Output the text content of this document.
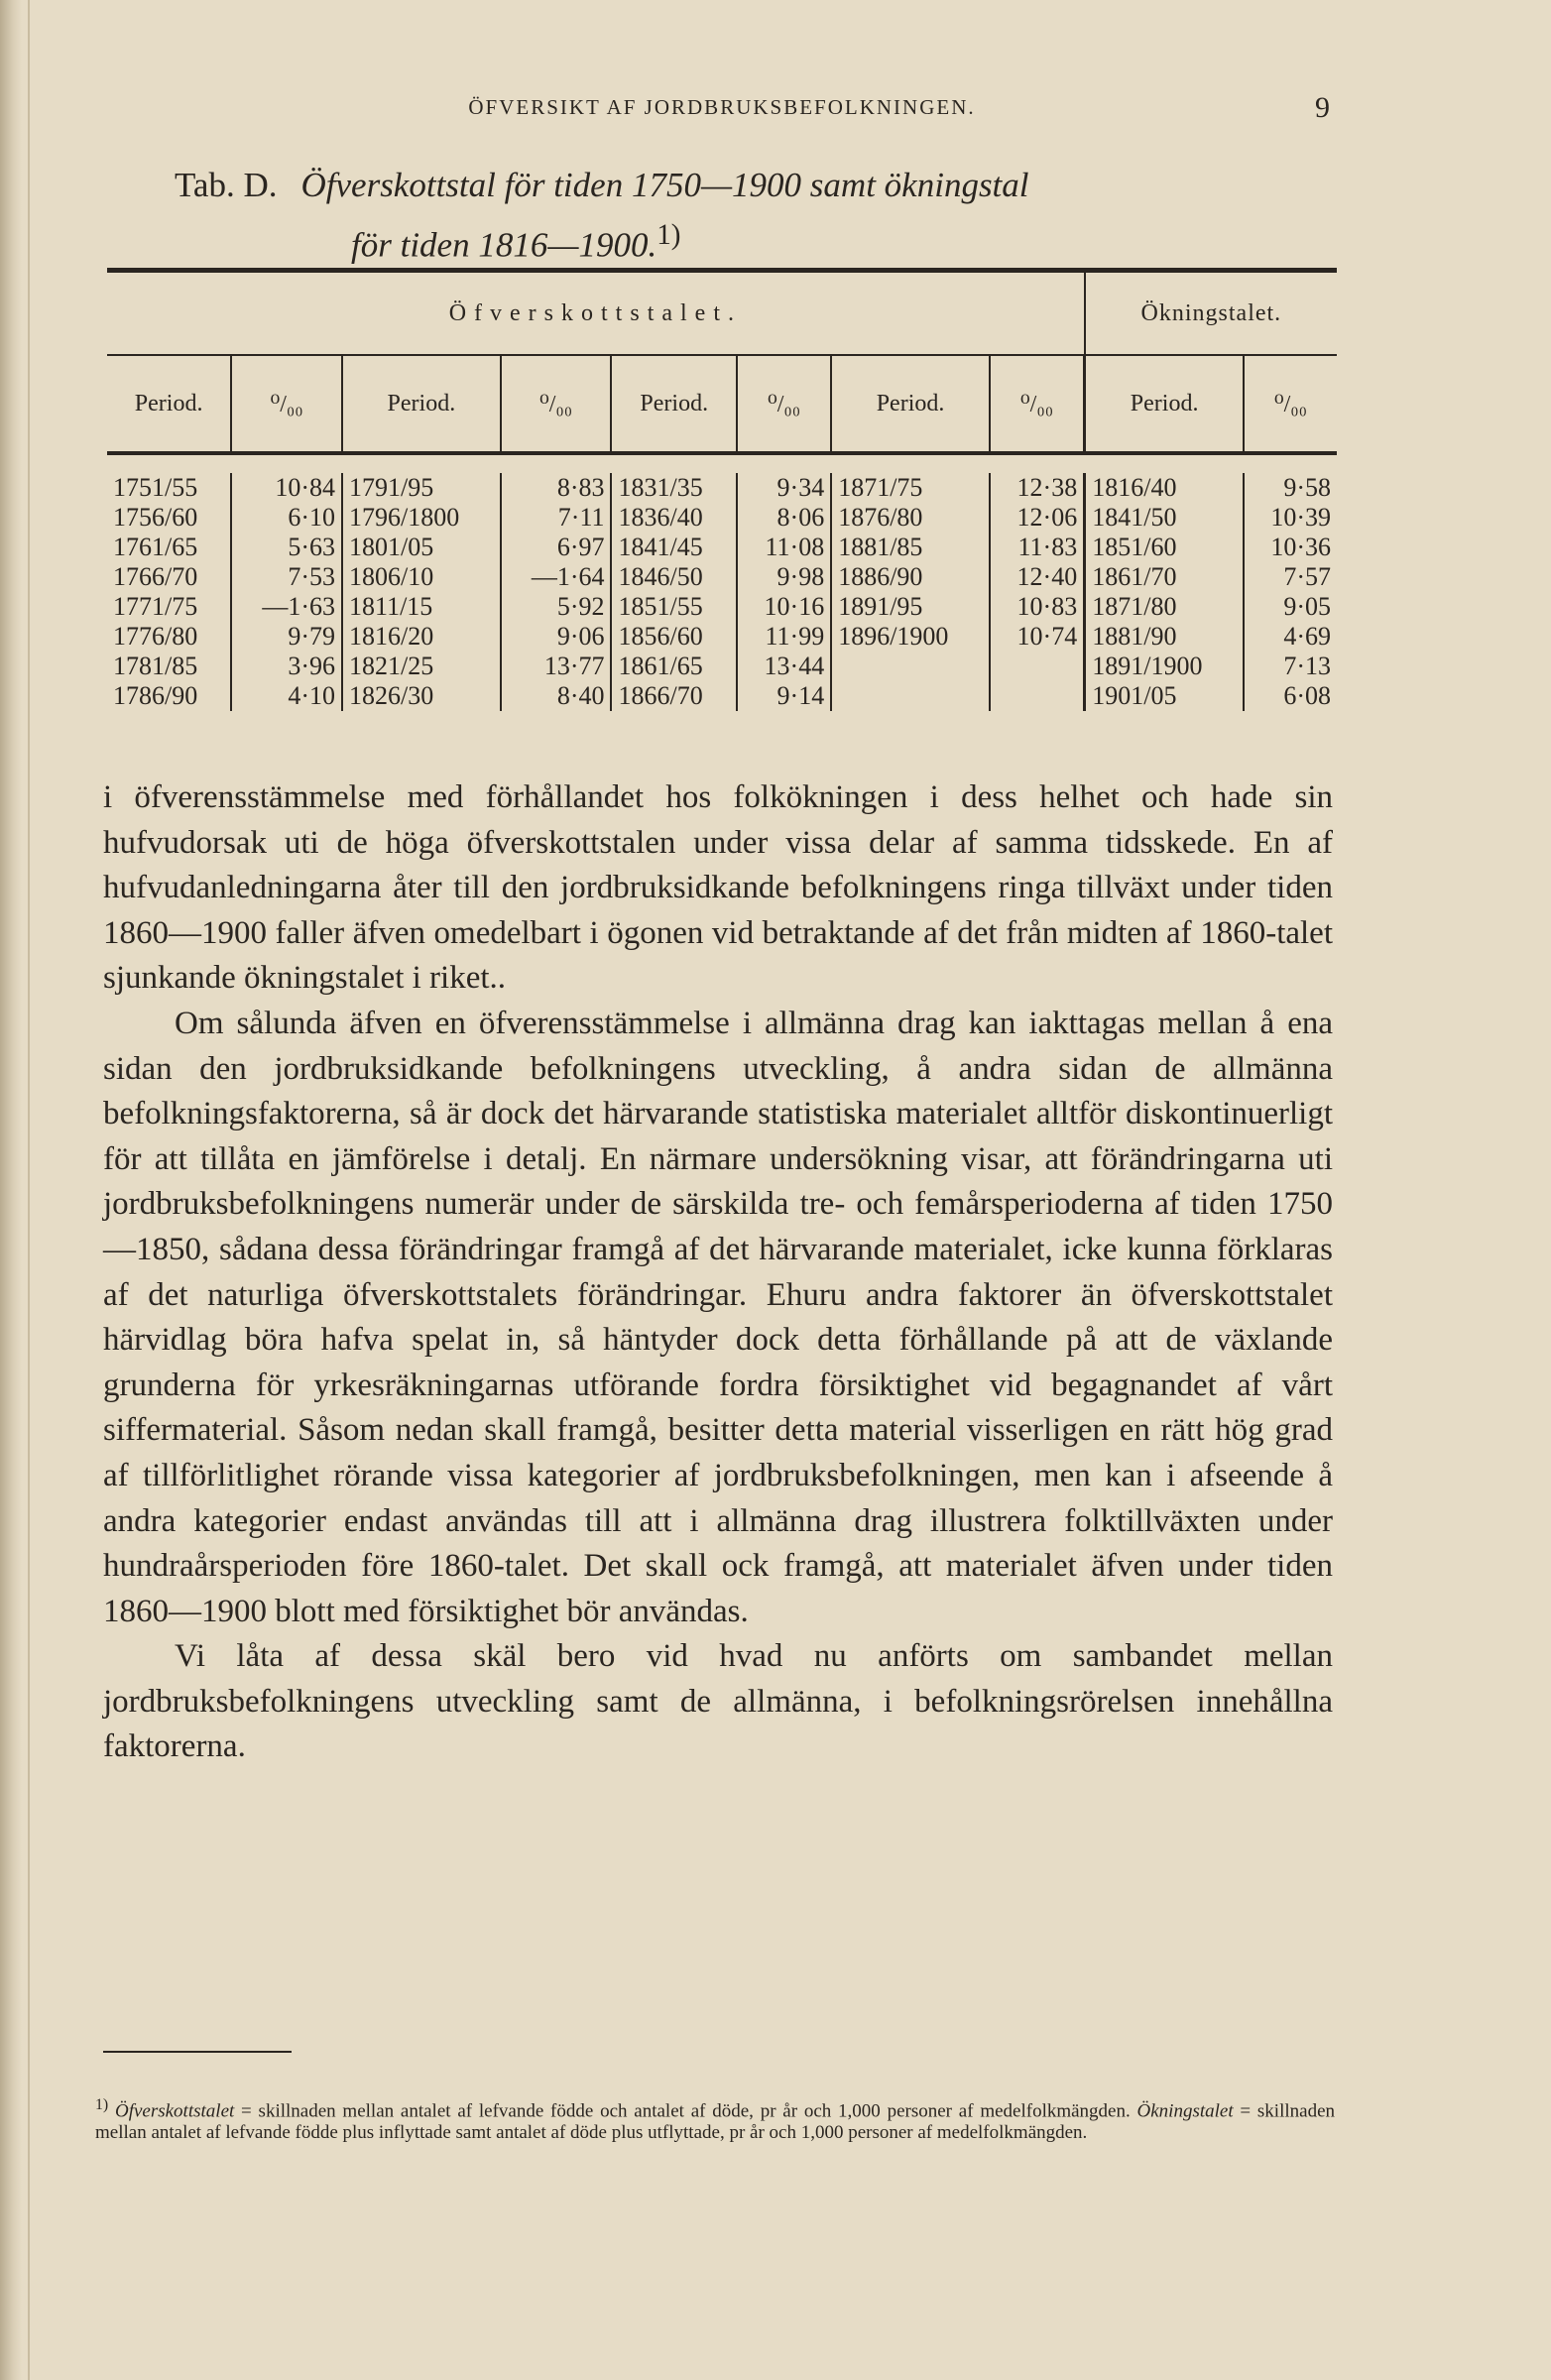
ÖFVERSIKT AF JORDBRUKSBEFOLKNINGEN.	9
Tab. D. Öfverskottstal för tiden 1750—1900 samt ökningstal
för tiden 1816—1900.$^{1)}$
Öfverskottstalet.								Ökningstalet.	
Period.	⁰/₀₀	Period.	⁰/₀₀	Period.	⁰/₀₀	Period.	⁰/₀₀	Period.	⁰/₀₀

1751/55	10·84	1791/95	8·83	1831/35	9·34	1871/75	12·38	1816/40	9·58
1756/60	6·10	1796/1800	7·11	1836/40	8·06	1876/80	12·06	1841/50	10·39
1761/65	5·63	1801/05	6·97	1841/45	11·08	1881/85	11·83	1851/60	10·36
1766/70	7·53	1806/10	—1·64	1846/50	9·98	1886/90	12·40	1861/70	7·57
1771/75	—1·63	1811/15	5·92	1851/55	10·16	1891/95	10·83	1871/80	9·05
1776/80	9·79	1816/20	9·06	1856/60	11·99	1896/1900	10·74	1881/90	4·69
1781/85	3·96	1821/25	13·77	1861/65	13·44			1891/1900	7·13
1786/90	4·10	1826/30	8·40	1866/70	9·14			1901/05	6·08

i öfverensstämmelse med förhållandet hos folkökningen i dess helhet och hade sin hufvudorsak uti de höga öfverskottstalen under vissa delar af samma tidsskede. En af hufvudanledningarna åter till den jordbruksidkande befolkningens ringa tillväxt under tiden 1860—1900 faller äfven omedelbart i ögonen vid betraktande af det från midten af 1860-talet sjunkande ökningstalet i riket..

Om sålunda äfven en öfverensstämmelse i allmänna drag kan iakttagas mellan å ena sidan den jordbruksidkande befolkningens utveckling, å andra sidan de allmänna befolkningsfaktorerna, så är dock det härvarande statistiska materialet alltför diskontinuerligt för att tillåta en jämförelse i detalj. En närmare undersökning visar, att förändringarna uti jordbruksbefolkningens numerär under de särskilda tre- och femårsperioderna af tiden 1750—1850, sådana dessa förändringar framgå af det härvarande materialet, icke kunna förklaras af det naturliga öfverskottstalets förändringar. Ehuru andra faktorer än öfverskottstalet härvidlag böra hafva spelat in, så häntyder dock detta förhållande på att de växlande grunderna för yrkesräkningarnas utförande fordra försiktighet vid begagnandet af vårt siffermaterial. Såsom nedan skall framgå, besitter detta material visserligen en rätt hög grad af tillförlitlighet rörande vissa kategorier af jordbruksbefolkningen, men kan i afseende å andra kategorier endast användas till att i allmänna drag illustrera folktillväxten under hundraårsperioden före 1860-talet. Det skall ock framgå, att materialet äfven under tiden 1860—1900 blott med försiktighet bör användas.

Vi låta af dessa skäl bero vid hvad nu anförts om sambandet mellan jordbruksbefolkningens utveckling samt de allmänna, i befolkningsrörelsen innehållna faktorerna.

$^{1)}$ Öfverskottstalet = skillnaden mellan antalet af lefvande födde och antalet af döde, pr år och 1,000 personer af medelfolkmängden. Ökningstalet = skillnaden mellan antalet af lefvande födde plus inflyttade samt antalet af döde plus utflyttade, pr år och 1,000 personer af medelfolkmängden.
